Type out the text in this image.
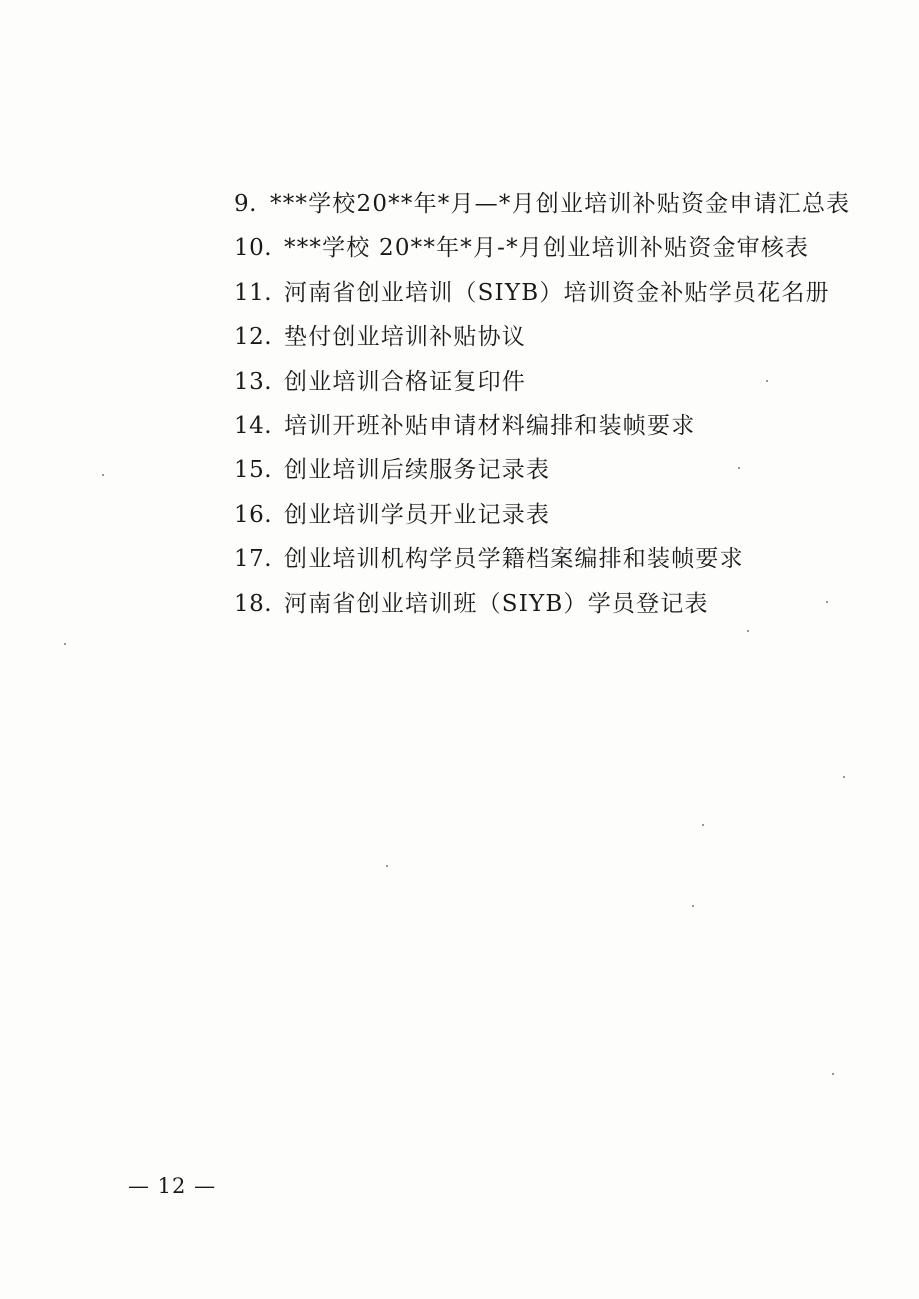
9. ***学校20**年*月—*月创业培训补贴资金申请汇总表
10. ***学校 20**年*月-*月创业培训补贴资金审核表
11. 河南省创业培训（SIYB）培训资金补贴学员花名册
12. 垫付创业培训补贴协议
13. 创业培训合格证复印件
14. 培训开班补贴申请材料编排和装帧要求
15. 创业培训后续服务记录表
16. 创业培训学员开业记录表
17. 创业培训机构学员学籍档案编排和装帧要求
18. 河南省创业培训班（SIYB）学员登记表
— 12 —
